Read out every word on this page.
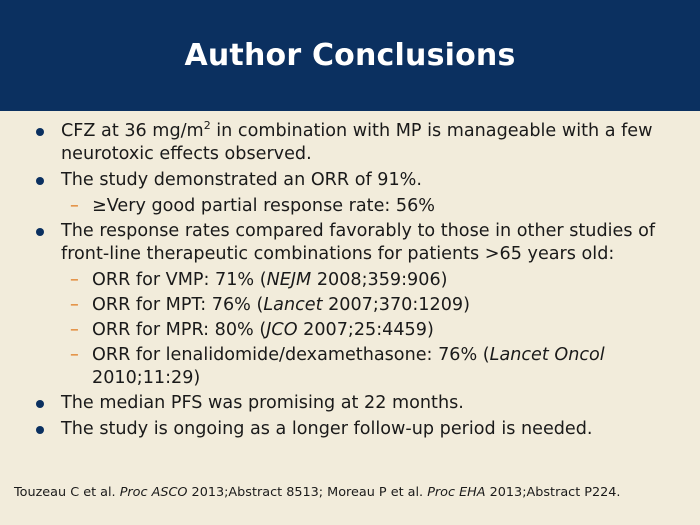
Author Conclusions
CFZ at 36 $mg/m^2$ in combination with MP is manageable with a few neurotoxic effects observed.
The study demonstrated an ORR of 91%.
– ≥Very good partial response rate: 56%
The response rates compared favorably to those in other studies of front-line therapeutic combinations for patients >65 years old:
– ORR for VMP: 71% (NEJM 2008;359:906)
– ORR for MPT: 76% (Lancet 2007;370:1209)
– ORR for MPR: 80% (JCO 2007;25:4459)
– ORR for lenalidomide/dexamethasone: 76% (Lancet Oncol 2010;11:29)
The median PFS was promising at 22 months.
The study is ongoing as a longer follow-up period is needed.
Touzeau C et al. Proc ASCO 2013;Abstract 8513; Moreau P et al. Proc EHA 2013;Abstract P224.
